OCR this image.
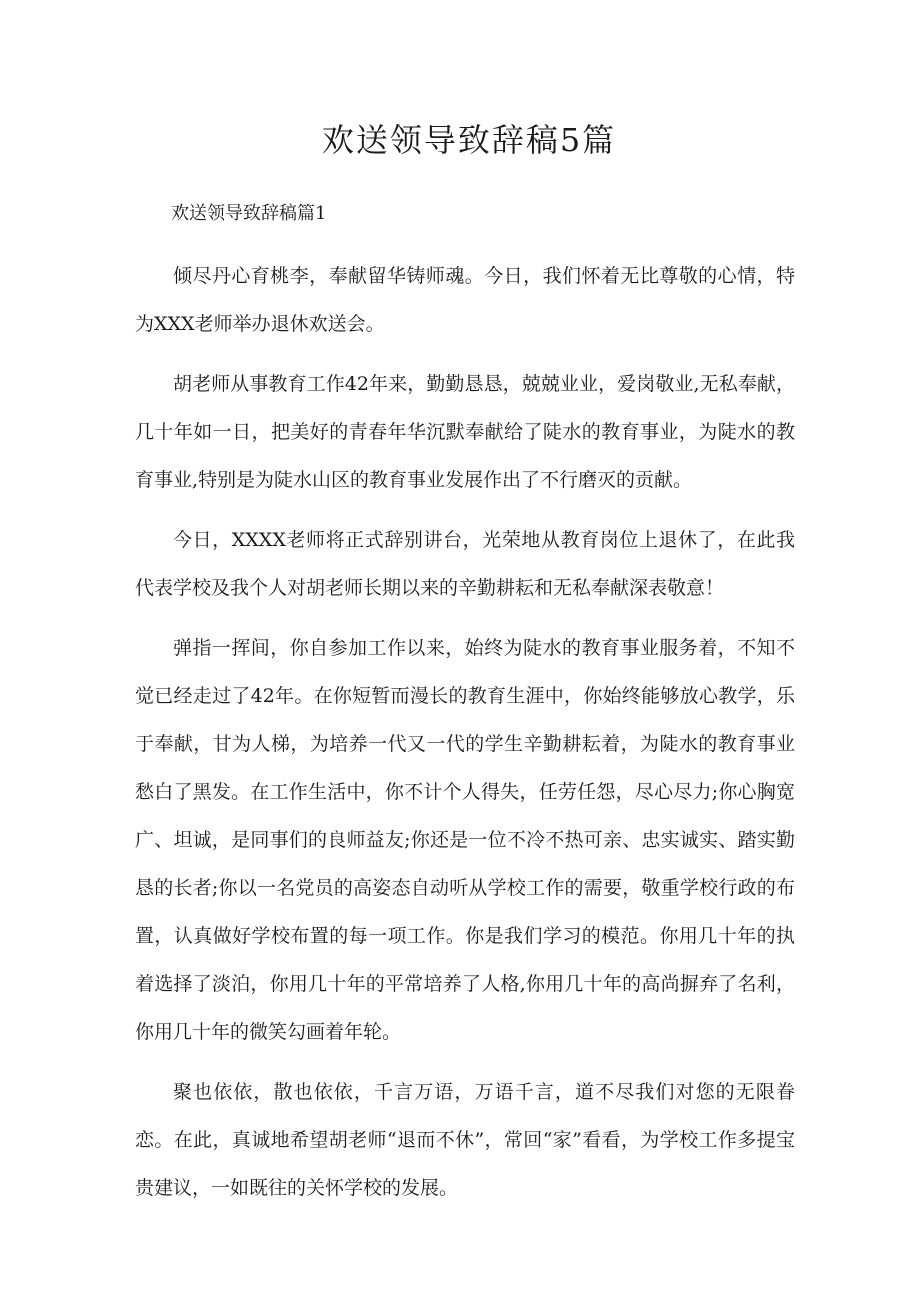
欢送领导致辞稿5篇
欢送领导致辞稿篇1

倾尽丹心育桃李，奉献留华铸师魂。今日，我们怀着无比尊敬的心情，特为XXX老师举办退休欢送会。

胡老师从事教育工作42年来，勤勤恳恳，兢兢业业，爱岗敬业,无私奉献，几十年如一日，把美好的青春年华沉默奉献给了陡水的教育事业，为陡水的教育事业,特别是为陡水山区的教育事业发展作出了不行磨灭的贡献。

今日，XXXX老师将正式辞别讲台，光荣地从教育岗位上退休了，在此我代表学校及我个人对胡老师长期以来的辛勤耕耘和无私奉献深表敬意！

弹指一挥间，你自参加工作以来，始终为陡水的教育事业服务着，不知不觉已经走过了42年。在你短暂而漫长的教育生涯中，你始终能够放心教学，乐于奉献，甘为人梯，为培养一代又一代的学生辛勤耕耘着，为陡水的教育事业愁白了黑发。在工作生活中，你不计个人得失，任劳任怨，尽心尽力;你心胸宽广、坦诚，是同事们的良师益友;你还是一位不冷不热可亲、忠实诚实、踏实勤恳的长者;你以一名党员的高姿态自动听从学校工作的需要，敬重学校行政的布置，认真做好学校布置的每一项工作。你是我们学习的模范。你用几十年的执着选择了淡泊，你用几十年的平常培养了人格,你用几十年的高尚摒弃了名利，你用几十年的微笑勾画着年轮。

聚也依依，散也依依，千言万语，万语千言，道不尽我们对您的无限眷恋。在此，真诚地希望胡老师“退而不休”，常回“家”看看，为学校工作多提宝贵建议，一如既往的关怀学校的发展。
